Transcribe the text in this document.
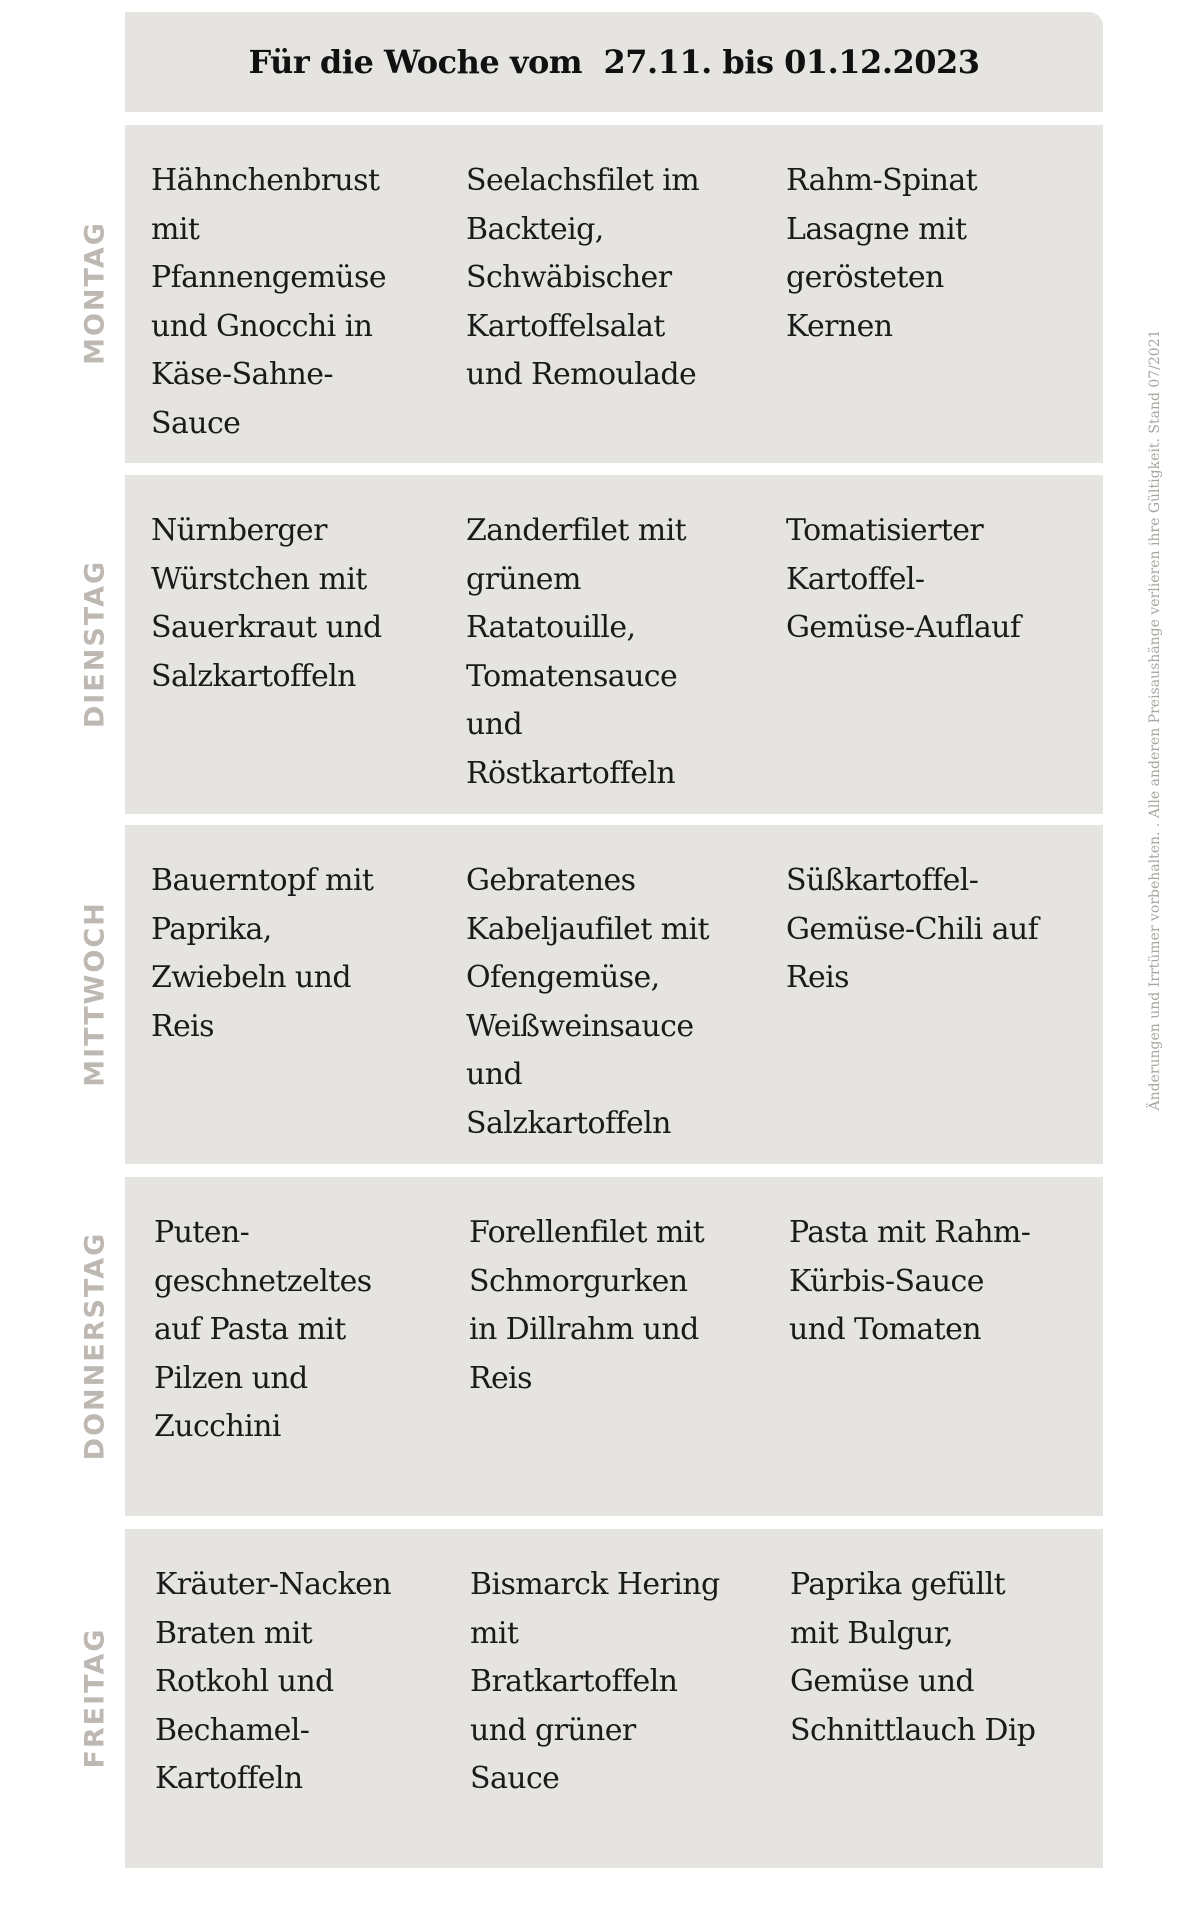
Für die Woche vom  27.11. bis 01.12.2023
MONTAG
Hähnchenbrust
mit
Pfannengemüse
und Gnocchi in
Käse-Sahne-
Sauce
Seelachsfilet im
Backteig,
Schwäbischer
Kartoffelsalat
und Remoulade
Rahm-Spinat
Lasagne mit
gerösteten
Kernen
DIENSTAG
Nürnberger
Würstchen mit
Sauerkraut und
Salzkartoffeln
Zanderfilet mit
grünem
Ratatouille,
Tomatensauce
und
Röstkartoffeln
Tomatisierter
Kartoffel-
Gemüse-Auflauf
MITTWOCH
Bauerntopf mit
Paprika,
Zwiebeln und
Reis
Gebratenes
Kabeljaufilet mit
Ofengemüse,
Weißweinsauce
und
Salzkartoffeln
Süßkartoffel-
Gemüse-Chili auf
Reis
DONNERSTAG Puten-
geschnetzeltes
auf Pasta mit
Pilzen und
Zucchini
Forellenfilet mit
Schmorgurken
in Dillrahm und
Reis
Pasta mit Rahm-
Kürbis-Sauce
und Tomaten
FREITAG
Kräuter-Nacken
Braten mit
Rotkohl und
Bechamel-
Kartoffeln
Bismarck Hering
mit
Bratkartoffeln
und grüner
Sauce
Paprika gefüllt
mit Bulgur,
Gemüse und
Schnittlauch Dip
Änderungen und Irrtümer vorbehalten. . Alle anderen Preisaushänge verlieren ihre Gültigkeit. Stand 07/2021
